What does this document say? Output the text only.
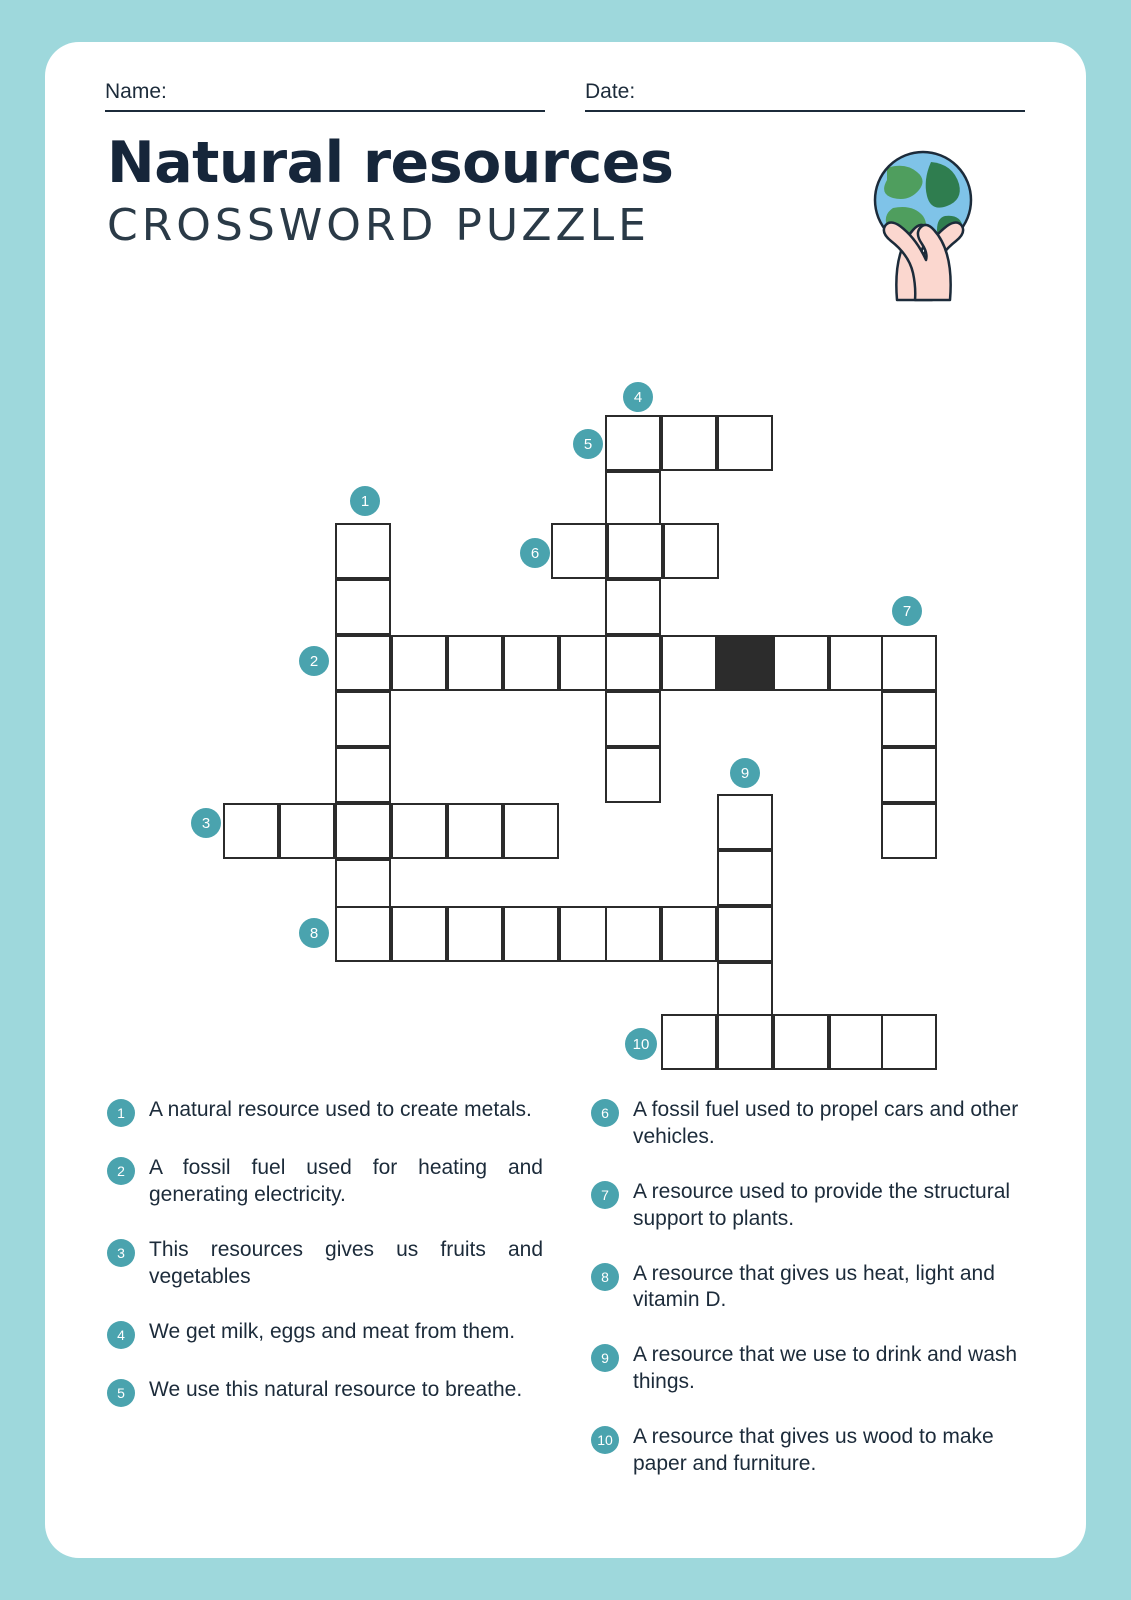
Name:	Date:
Natural resources
CROSSWORD PUZZLE
4
5
1
6
7
2
9
3
8
10
1	A natural resource used to create metals.
2	A fossil fuel used for heating and generating electricity.
3	This resources gives us fruits and vegetables
4	We get milk, eggs and meat from them.
5	We use this natural resource to breathe.
6	A fossil fuel used to propel cars and other vehicles.
7	A resource used to provide the structural support to plants.
8	A resource that gives us heat, light and vitamin D.
9	A resource that we use to drink and wash things.
10 A resource that gives us wood to make paper and furniture.
